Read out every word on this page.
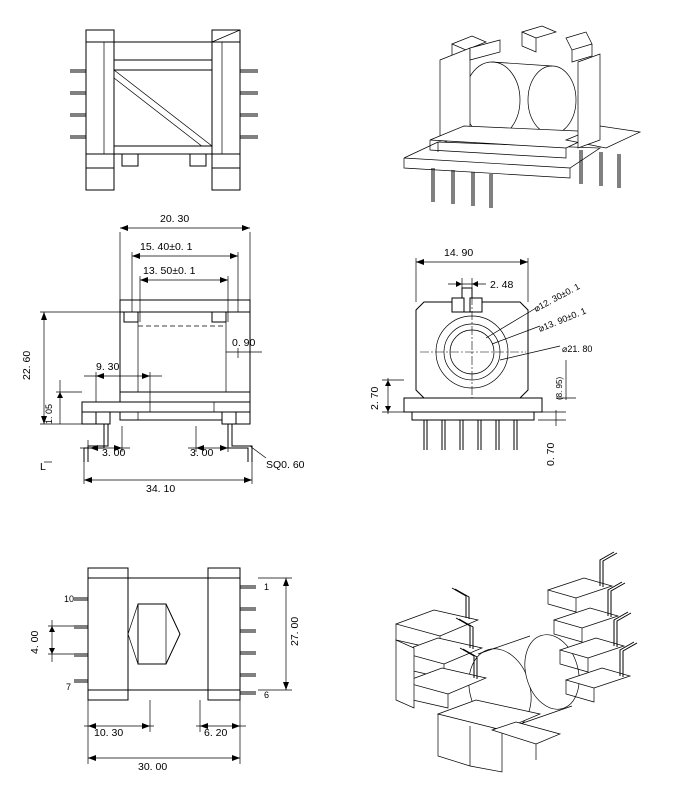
20. 30
15. 40±0. 1
13. 50±0. 1
22. 60
1. 05
0. 90
9. 30
3. 00	3. 00
L	SQ0. 60
34. 10
14. 90
2. 48 ⌀12. 30±0. 1
⌀13. 90±0. 1
⌀21. 80
2. 70	(8. 95)
0. 70
10
7
1
6
4. 00	27. 00
10. 30	6. 20
30. 00
